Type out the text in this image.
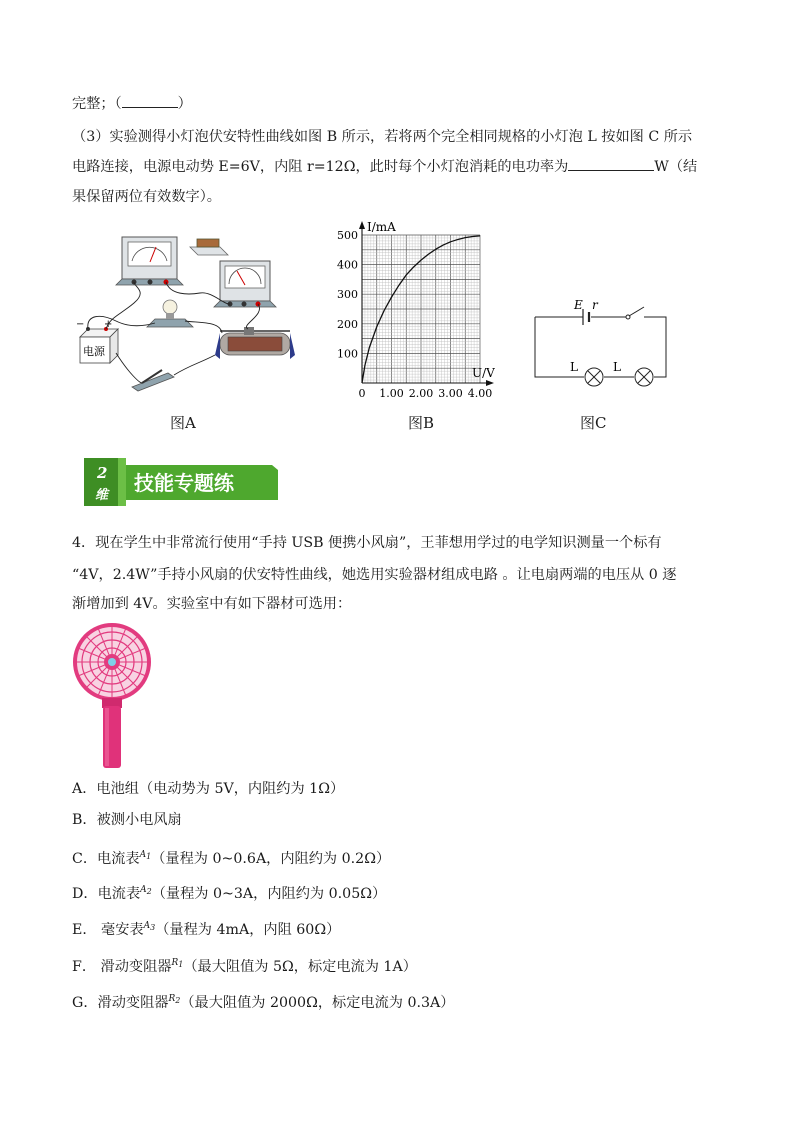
完整；（	）
（3）实验测得小灯泡伏安特性曲线如图 B 所示，若将两个完全相同规格的小灯泡 L 按如图 C 所示
电路连接，电源电动势 E=6V，内阻 r=12Ω，此时每个小灯泡消耗的电功率为	W（结
果保留两位有效数字）。
电源
− +
图A
0 1.00 2.00 3.00 4.00
100
200
300
400
500
I/mA
U/V
图B
E r
L	L
图C
2
维
技能专题练
4．现在学生中非常流行使用“手持 USB 便携小风扇”，王菲想用学过的电学知识测量一个标有
“4V，2.4W”手持小风扇的伏安特性曲线，她选用实验器材组成电路 。让电扇两端的电压从 0 逐
渐增加到 4V。实验室中有如下器材可选用：
A．电池组（电动势为 5V，内阻约为 1Ω）
B．被测小电风扇
C．电流表$^{A_1}$（量程为 0~0.6A，内阻约为 0.2Ω）
D．电流表$^{A_2}$（量程为 0~3A，内阻约为 0.05Ω）
E． 毫安表$^{A_3}$（量程为 4mA，内阻 60Ω）
F． 滑动变阻器$^{R_1}$（最大阻值为 5Ω，标定电流为 1A）
G．滑动变阻器$^{R_2}$（最大阻值为 2000Ω，标定电流为 0.3A）
